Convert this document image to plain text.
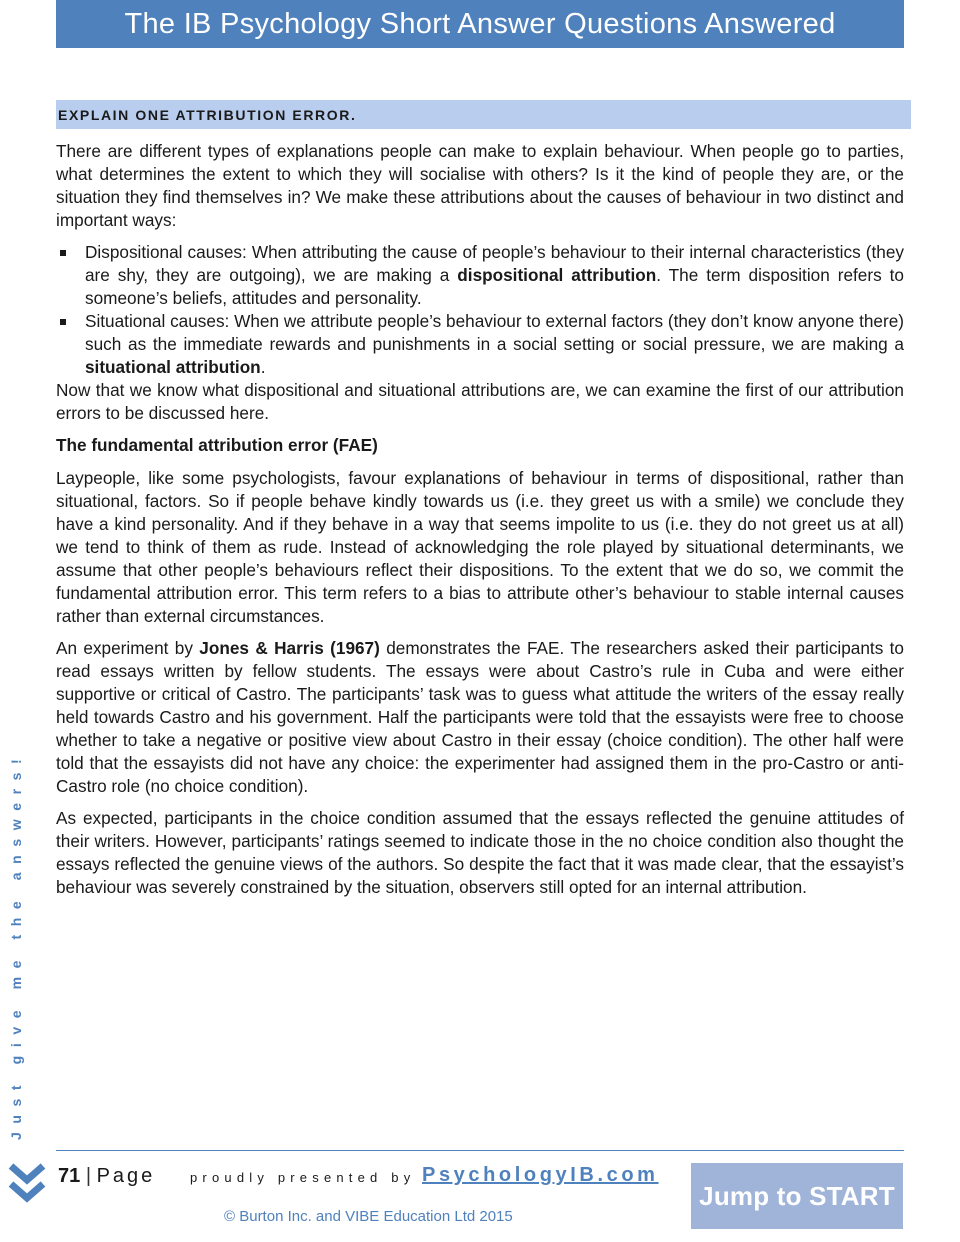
The IB Psychology Short Answer Questions Answered
EXPLAIN ONE ATTRIBUTION ERROR.

There are different types of explanations people can make to explain behaviour. When people go to parties, what determines the extent to which they will socialise with others? Is it the kind of people they are, or the situation they find themselves in? We make these attributions about the causes of behaviour in two distinct and important ways:

Dispositional causes: When attributing the cause of people’s behaviour to their internal characteristics (they are shy, they are outgoing), we are making a dispositional attribution. The term disposition refers to someone’s beliefs, attitudes and personality.
Situational causes: When we attribute people’s behaviour to external factors (they don’t know anyone there) such as the immediate rewards and punishments in a social setting or social pressure, we are making a situational attribution.

Now that we know what dispositional and situational attributions are, we can examine the first of our attribution errors to be discussed here.

The fundamental attribution error (FAE)

Laypeople, like some psychologists, favour explanations of behaviour in terms of dispositional, rather than situational, factors. So if people behave kindly towards us (i.e. they greet us with a smile) we conclude they have a kind personality. And if they behave in a way that seems impolite to us (i.e. they do not greet us at all) we tend to think of them as rude. Instead of acknowledging the role played by situational determinants, we assume that other people’s behaviours reflect their dispositions. To the extent that we do so, we commit the fundamental attribution error. This term refers to a bias to attribute other’s behaviour to stable internal causes rather than external circumstances.

An experiment by Jones & Harris (1967) demonstrates the FAE. The researchers asked their participants to read essays written by fellow students. The essays were about Castro’s rule in Cuba and were either supportive or critical of Castro. The participants’ task was to guess what attitude the writers of the essay really held towards Castro and his government. Half the participants were told that the essayists were free to choose whether to take a negative or positive view about Castro in their essay (choice condition). The other half were told that the essayists did not have any choice: the experimenter had assigned them in the pro-Castro or anti-Castro role (no choice condition).

As expected, participants in the choice condition assumed that the essays reflected the genuine attitudes of their writers. However, participants’ ratings seemed to indicate those in the no choice condition also thought the essays reflected the genuine views of the authors. So despite the fact that it was made clear, that the essayist’s behaviour was severely constrained by the situation, observers still opted for an internal attribution.

Just give me the answers!
71 | Page	proudly presented by PsychologyIB.com
© Burton Inc. and VIBE Education Ltd 2015
Jump to START
